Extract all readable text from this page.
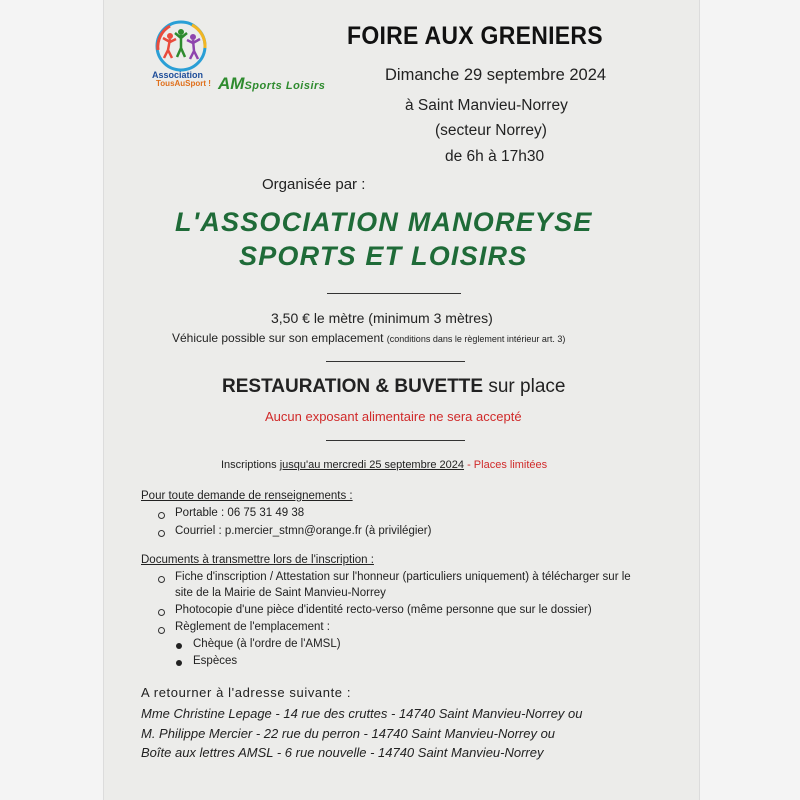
Association
TousAuSport ! AMSports Loisirs
FOIRE AUX GRENIERS
Dimanche 29 septembre 2024
à Saint Manvieu-Norrey
(secteur Norrey)
de 6h à 17h30
Organisée par :
L'ASSOCIATION MANOREYSE
SPORTS ET LOISIRS
3,50 € le mètre (minimum 3 mètres)
Véhicule possible sur son emplacement (conditions dans le règlement intérieur art. 3)
RESTAURATION & BUVETTE sur place
Aucun exposant alimentaire ne sera accepté
Inscriptions jusqu'au mercredi 25 septembre 2024 - Places limitées
Pour toute demande de renseignements :
Portable : 06 75 31 49 38
Courriel : p.mercier_stmn@orange.fr (à privilégier)
Documents à transmettre lors de l'inscription :
Fiche d'inscription / Attestation sur l'honneur (particuliers uniquement) à télécharger sur le
site de la Mairie de Saint Manvieu-Norrey
Photocopie d'une pièce d'identité recto-verso (même personne que sur le dossier)
Règlement de l'emplacement :
Chèque (à l'ordre de l'AMSL)
Espèces
A retourner à l'adresse suivante :
Mme Christine Lepage - 14 rue des cruttes - 14740 Saint Manvieu-Norrey ou
M. Philippe Mercier - 22 rue du perron - 14740 Saint Manvieu-Norrey ou
Boîte aux lettres AMSL - 6 rue nouvelle - 14740 Saint Manvieu-Norrey
